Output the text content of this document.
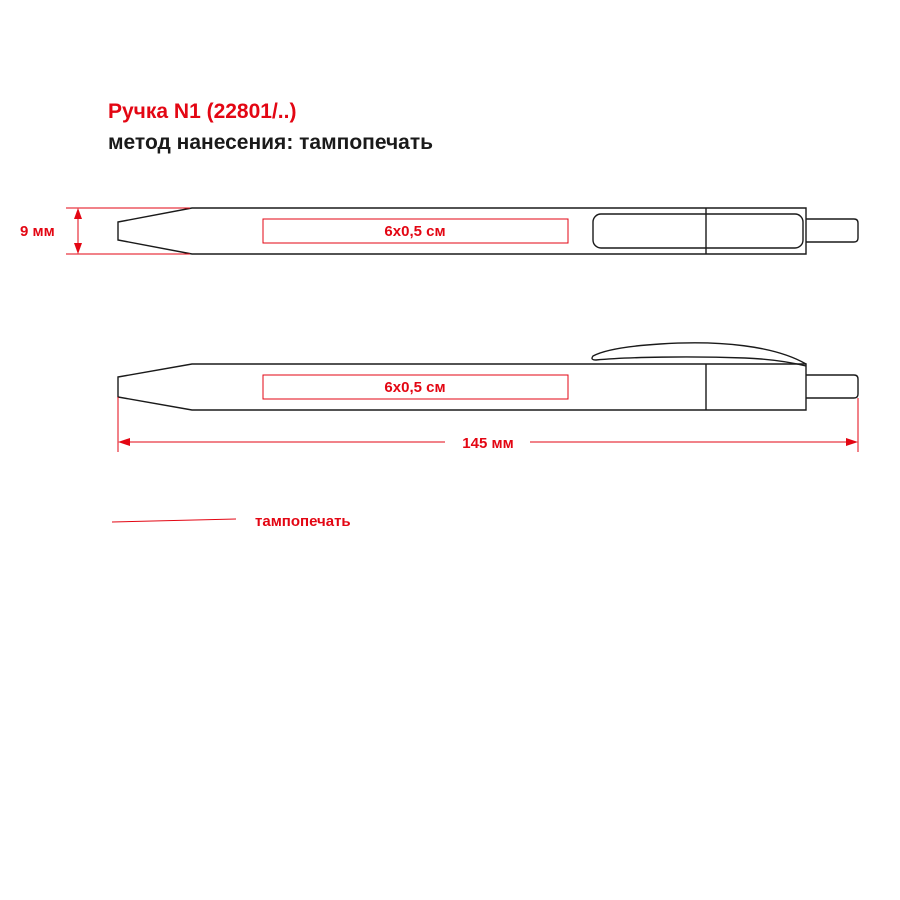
Ручка N1 (22801/..)
метод нанесения: тампопечать
6x0,5 см
9 мм
6x0,5 см
145 мм
тампопечать
